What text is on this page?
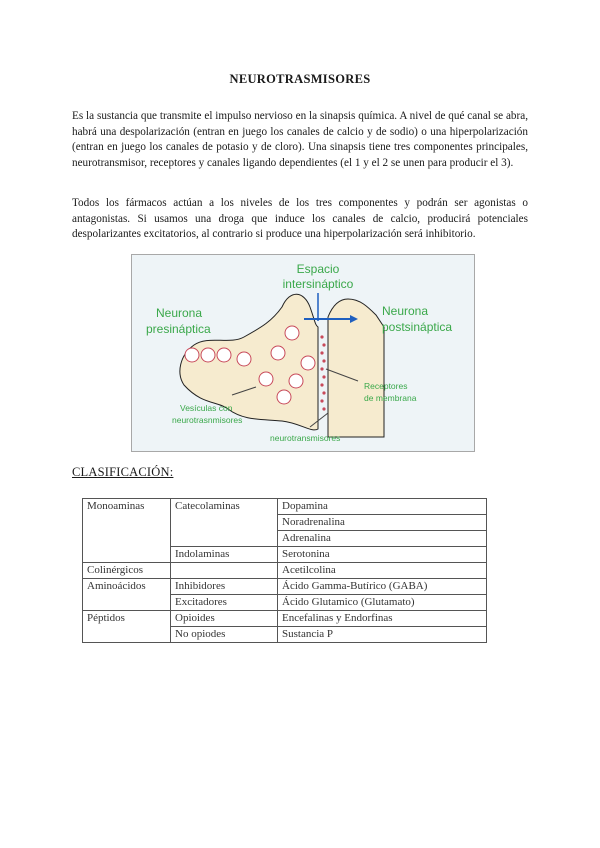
NEUROTRASMISORES

Es la sustancia que transmite el impulso nervioso en la sinapsis química. A nivel de qué canal se abra, habrá una despolarización (entran en juego los canales de calcio y de sodio) o una hiperpolarización (entran en juego los canales de potasio y de cloro). Una sinapsis tiene tres componentes principales, neurotransmisor, receptores y canales ligando dependientes (el 1 y el 2 se unen para producir el 3).

Todos los fármacos actúan a los niveles de los tres componentes y podrán ser agonistas o antagonistas. Si usamos una droga que induce los canales de calcio, producirá potenciales despolarizantes excitatorios, al contrario si produce una hiperpolarización será inhibitorio.

Espacio
intersináptico
Neurona
presináptica
Neurona
postsináptica
Receptores
de membrana
Vesículas con
neurotrasnmisores
neurotransmisores
CLASIFICACIÓN:
Monoaminas	Catecolaminas	Dopamina
		Noradrenalina
		Adrenalina
	Indolaminas	Serotonina
Colinérgicos		Acetilcolina
Aminoácidos	Inhibidores	Ácido Gamma-Butírico (GABA)
	Excitadores	Ácido Glutamico (Glutamato)
Péptidos	Opioides	Encefalinas y Endorfinas
	No opiodes	Sustancia P
